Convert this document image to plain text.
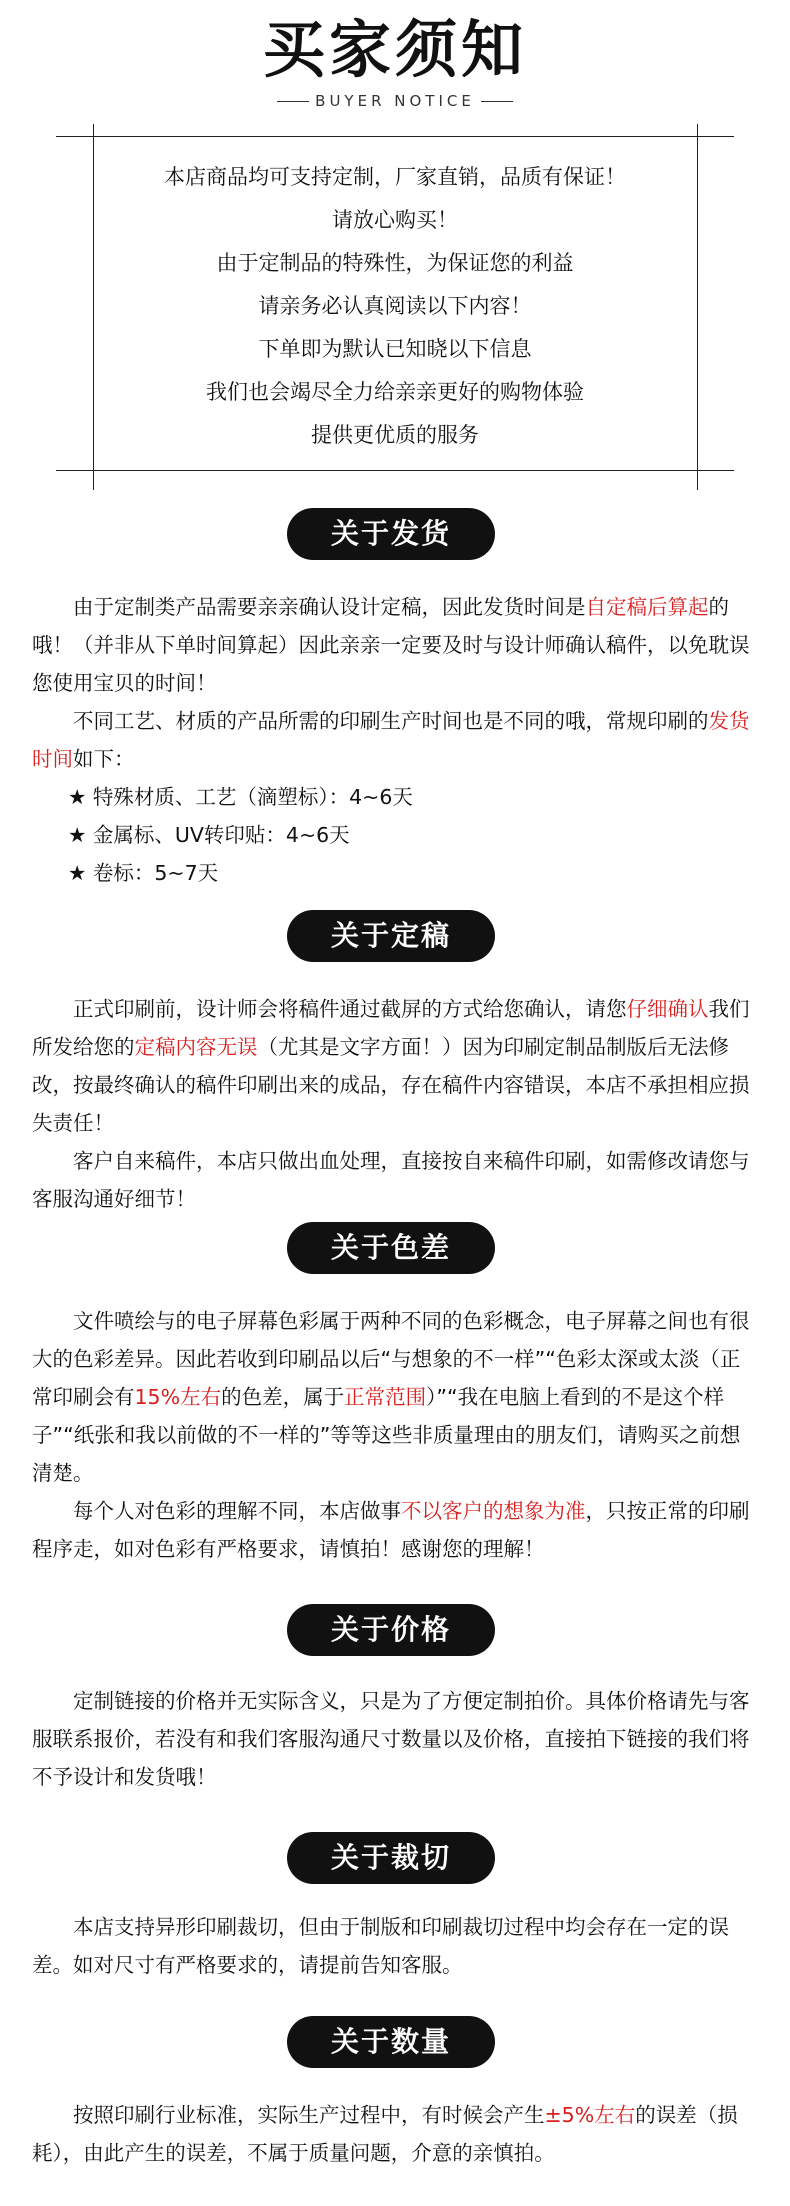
买家须知
BUYER NOTICE
本店商品均可支持定制，厂家直销，品质有保证！
请放心购买！
由于定制品的特殊性，为保证您的利益
请亲务必认真阅读以下内容！
下单即为默认已知晓以下信息
我们也会竭尽全力给亲亲更好的购物体验
提供更优质的服务
关于发货

由于定制类产品需要亲亲确认设计定稿，因此发货时间是自定稿后算起的哦！（并非从下单时间算起）因此亲亲一定要及时与设计师确认稿件，以免耽误您使用宝贝的时间！

不同工艺、材质的产品所需的印刷生产时间也是不同的哦，常规印刷的发货时间如下：

★ 特殊材质、工艺（滴塑标）：4~6天

★ 金属标、UV转印贴：4~6天

★ 卷标：5~7天

关于定稿

正式印刷前，设计师会将稿件通过截屏的方式给您确认，请您仔细确认我们所发给您的定稿内容无误（尤其是文字方面！）因为印刷定制品制版后无法修改，按最终确认的稿件印刷出来的成品，存在稿件内容错误，本店不承担相应损失责任！

客户自来稿件，本店只做出血处理，直接按自来稿件印刷，如需修改请您与客服沟通好细节！

关于色差

文件喷绘与的电子屏幕色彩属于两种不同的色彩概念，电子屏幕之间也有很大的色彩差异。因此若收到印刷品以后“与想象的不一样”“色彩太深或太淡（正常印刷会有15%左右的色差，属于正常范围）”“我在电脑上看到的不是这个样子”“纸张和我以前做的不一样的”等等这些非质量理由的朋友们，请购买之前想清楚。

每个人对色彩的理解不同，本店做事不以客户的想象为准，只按正常的印刷程序走，如对色彩有严格要求，请慎拍！感谢您的理解！

关于价格

定制链接的价格并无实际含义，只是为了方便定制拍价。具体价格请先与客服联系报价，若没有和我们客服沟通尺寸数量以及价格，直接拍下链接的我们将不予设计和发货哦！

关于裁切

本店支持异形印刷裁切，但由于制版和印刷裁切过程中均会存在一定的误差。如对尺寸有严格要求的，请提前告知客服。

关于数量

按照印刷行业标准，实际生产过程中，有时候会产生±5%左右的误差（损耗），由此产生的误差，不属于质量问题，介意的亲慎拍。
